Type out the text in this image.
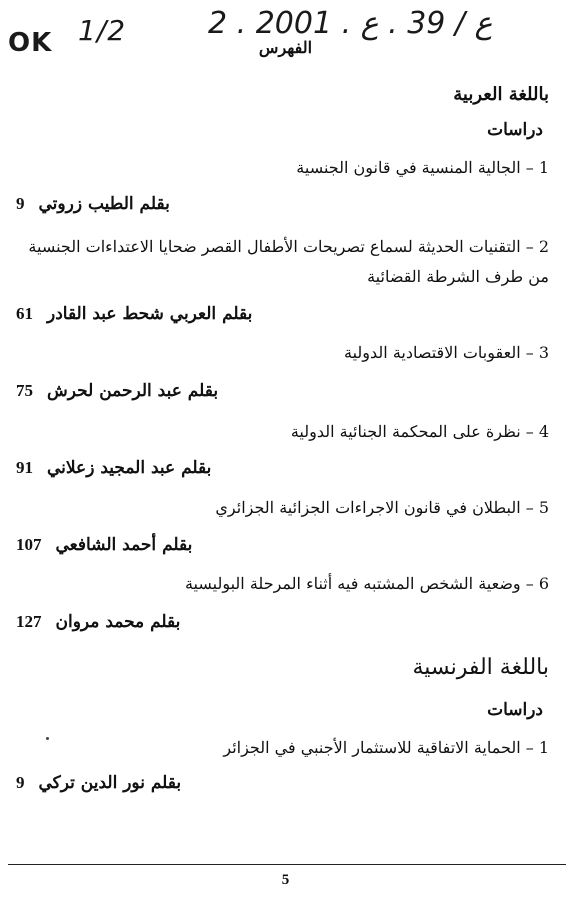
OK 1/2	2 . ع / 39 . ع . 2001
الفهرس
باللغة العربية
دراسات
1 – الجالية المنسية في قانون الجنسية
9 بقلم الطيب زروتي
2 – التقنيات الحديثة لسماع تصريحات الأطفال القصر ضحايا الاعتداءات الجنسية من طرف الشرطة القضائية
61 بقلم العربي شحط عبد القادر
3 – العقوبات الاقتصادية الدولية
75 بقلم عبد الرحمن لحرش
4 – نظرة على المحكمة الجنائية الدولية
91 بقلم عبد المجيد زعلاني
5 – البطلان في قانون الاجراءات الجزائية الجزائري
107 بقلم أحمد الشافعي
6 – وضعية الشخص المشتبه فيه أثناء المرحلة البوليسية
127 بقلم محمد مروان
باللغة الفرنسية
دراسات
1 – الحماية الاتفاقية للاستثمار الأجنبي في الجزائر
9 بقلم نور الدين تركي
5
